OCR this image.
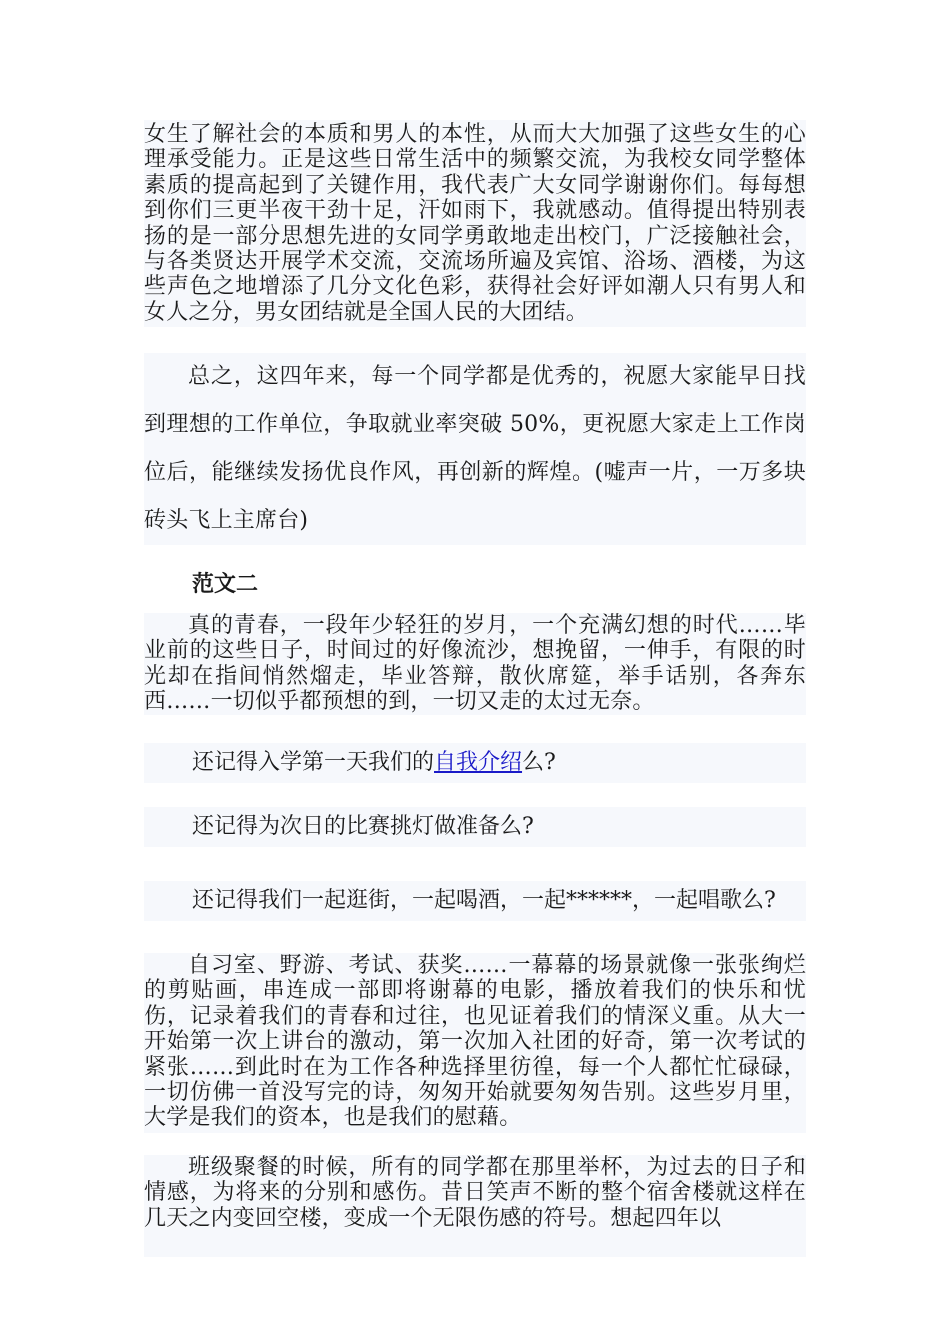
女生了解社会的本质和男人的本性，从而大大加强了这些女生的心理承受能力。正是这些日常生活中的频繁交流，为我校女同学整体素质的提高起到了关键作用，我代表广大女同学谢谢你们。每每想到你们三更半夜干劲十足，汗如雨下，我就感动。值得提出特别表扬的是一部分思想先进的女同学勇敢地走出校门，广泛接触社会，与各类贤达开展学术交流，交流场所遍及宾馆、浴场、酒楼，为这些声色之地增添了几分文化色彩，获得社会好评如潮人只有男人和女人之分，男女团结就是全国人民的大团结。

总之，这四年来，每一个同学都是优秀的，祝愿大家能早日找到理想的工作单位，争取就业率突破 50%，更祝愿大家走上工作岗位后，能继续发扬优良作风，再创新的辉煌。(嘘声一片，一万多块砖头飞上主席台)

范文二

真的青春，一段年少轻狂的岁月，一个充满幻想的时代……毕业前的这些日子，时间过的好像流沙，想挽留，一伸手，有限的时光却在指间悄然熘走，毕业答辩，散伙席筵，举手话别，各奔东西……一切似乎都预想的到，一切又走的太过无奈。

还记得入学第一天我们的自我介绍么?

还记得为次日的比赛挑灯做准备么?

还记得我们一起逛街，一起喝酒，一起******，一起唱歌么?

自习室、野游、考试、获奖……一幕幕的场景就像一张张绚烂的剪贴画，串连成一部即将谢幕的电影，播放着我们的快乐和忧伤，记录着我们的青春和过往，也见证着我们的情深义重。从大一开始第一次上讲台的激动，第一次加入社团的好奇，第一次考试的紧张……到此时在为工作各种选择里彷徨，每一个人都忙忙碌碌，一切仿佛一首没写完的诗，匆匆开始就要匆匆告别。这些岁月里，大学是我们的资本，也是我们的慰藉。

班级聚餐的时候，所有的同学都在那里举杯，为过去的日子和情感，为将来的分别和感伤。昔日笑声不断的整个宿舍楼就这样在几天之内变回空楼，变成一个无限伤感的符号。想起四年以
